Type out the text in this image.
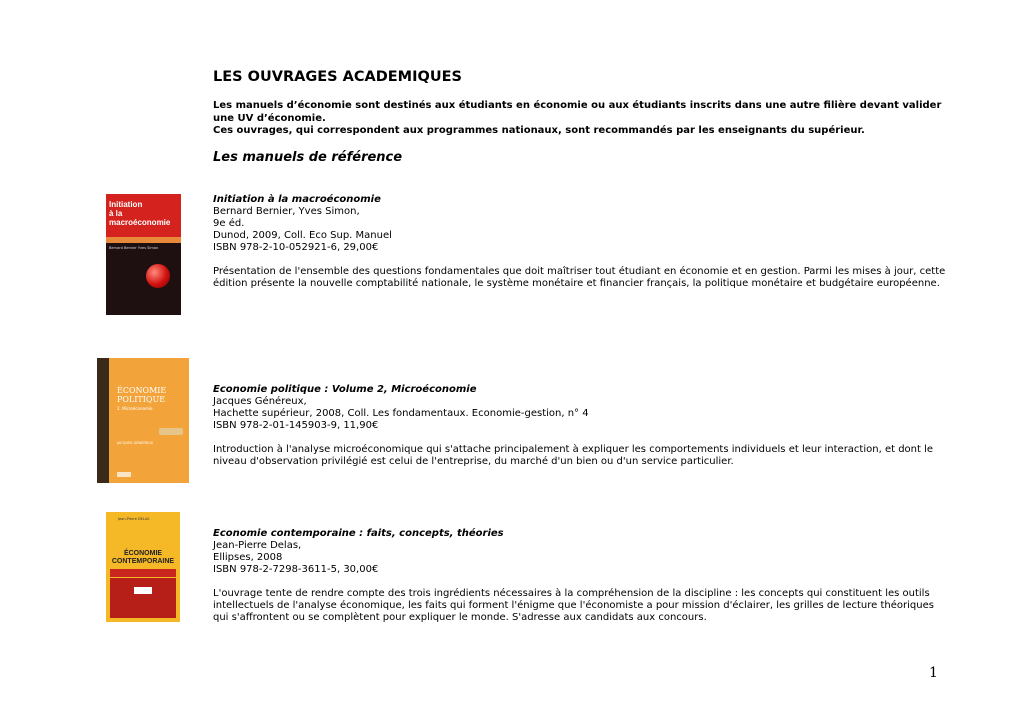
LES OUVRAGES ACADEMIQUES
Les manuels d’économie sont destinés aux étudiants en économie ou aux étudiants inscrits dans une autre filière devant valider une UV d’économie.
Ces ouvrages, qui correspondent aux programmes nationaux, sont recommandés par les enseignants du supérieur.
Les manuels de référence
Initiation
à la
macroéconomie
Bernard Bernier Yves Simon
Initiation à la macroéconomie
Bernard Bernier, Yves Simon,
9e éd.
Dunod, 2009, Coll. Eco Sup. Manuel
ISBN 978-2-10-052921-6, 29,00€
Présentation de l'ensemble des questions fondamentales que doit maîtriser tout étudiant en économie et en gestion. Parmi les mises à jour, cette édition présente la nouvelle comptabilité nationale, le système monétaire et financier français, la politique monétaire et budgétaire européenne.
ÉCONOMIE
POLITIQUE
2. Microéconomie
JACQUES GÉNÉREUX
Economie politique : Volume 2, Microéconomie
Jacques Généreux,
Hachette supérieur, 2008, Coll. Les fondamentaux. Economie-gestion, n° 4
ISBN 978-2-01-145903-9, 11,90€
Introduction à l'analyse microéconomique qui s'attache principalement à expliquer les comportements individuels et leur interaction, et dont le niveau d'observation privilégié est celui de l'entreprise, du marché d'un bien ou d'un service particulier.
Jean-Pierre DELAS
ÉCONOMIE
CONTEMPORAINE
Economie contemporaine : faits, concepts, théories
Jean-Pierre Delas,
Ellipses, 2008
ISBN 978-2-7298-3611-5, 30,00€
L'ouvrage tente de rendre compte des trois ingrédients nécessaires à la compréhension de la discipline : les concepts qui constituent les outils intellectuels de l'analyse économique, les faits qui forment l'énigme que l'économiste a pour mission d'éclairer, les grilles de lecture théoriques qui s'affrontent ou se complètent pour expliquer le monde. S'adresse aux candidats aux concours.
1
